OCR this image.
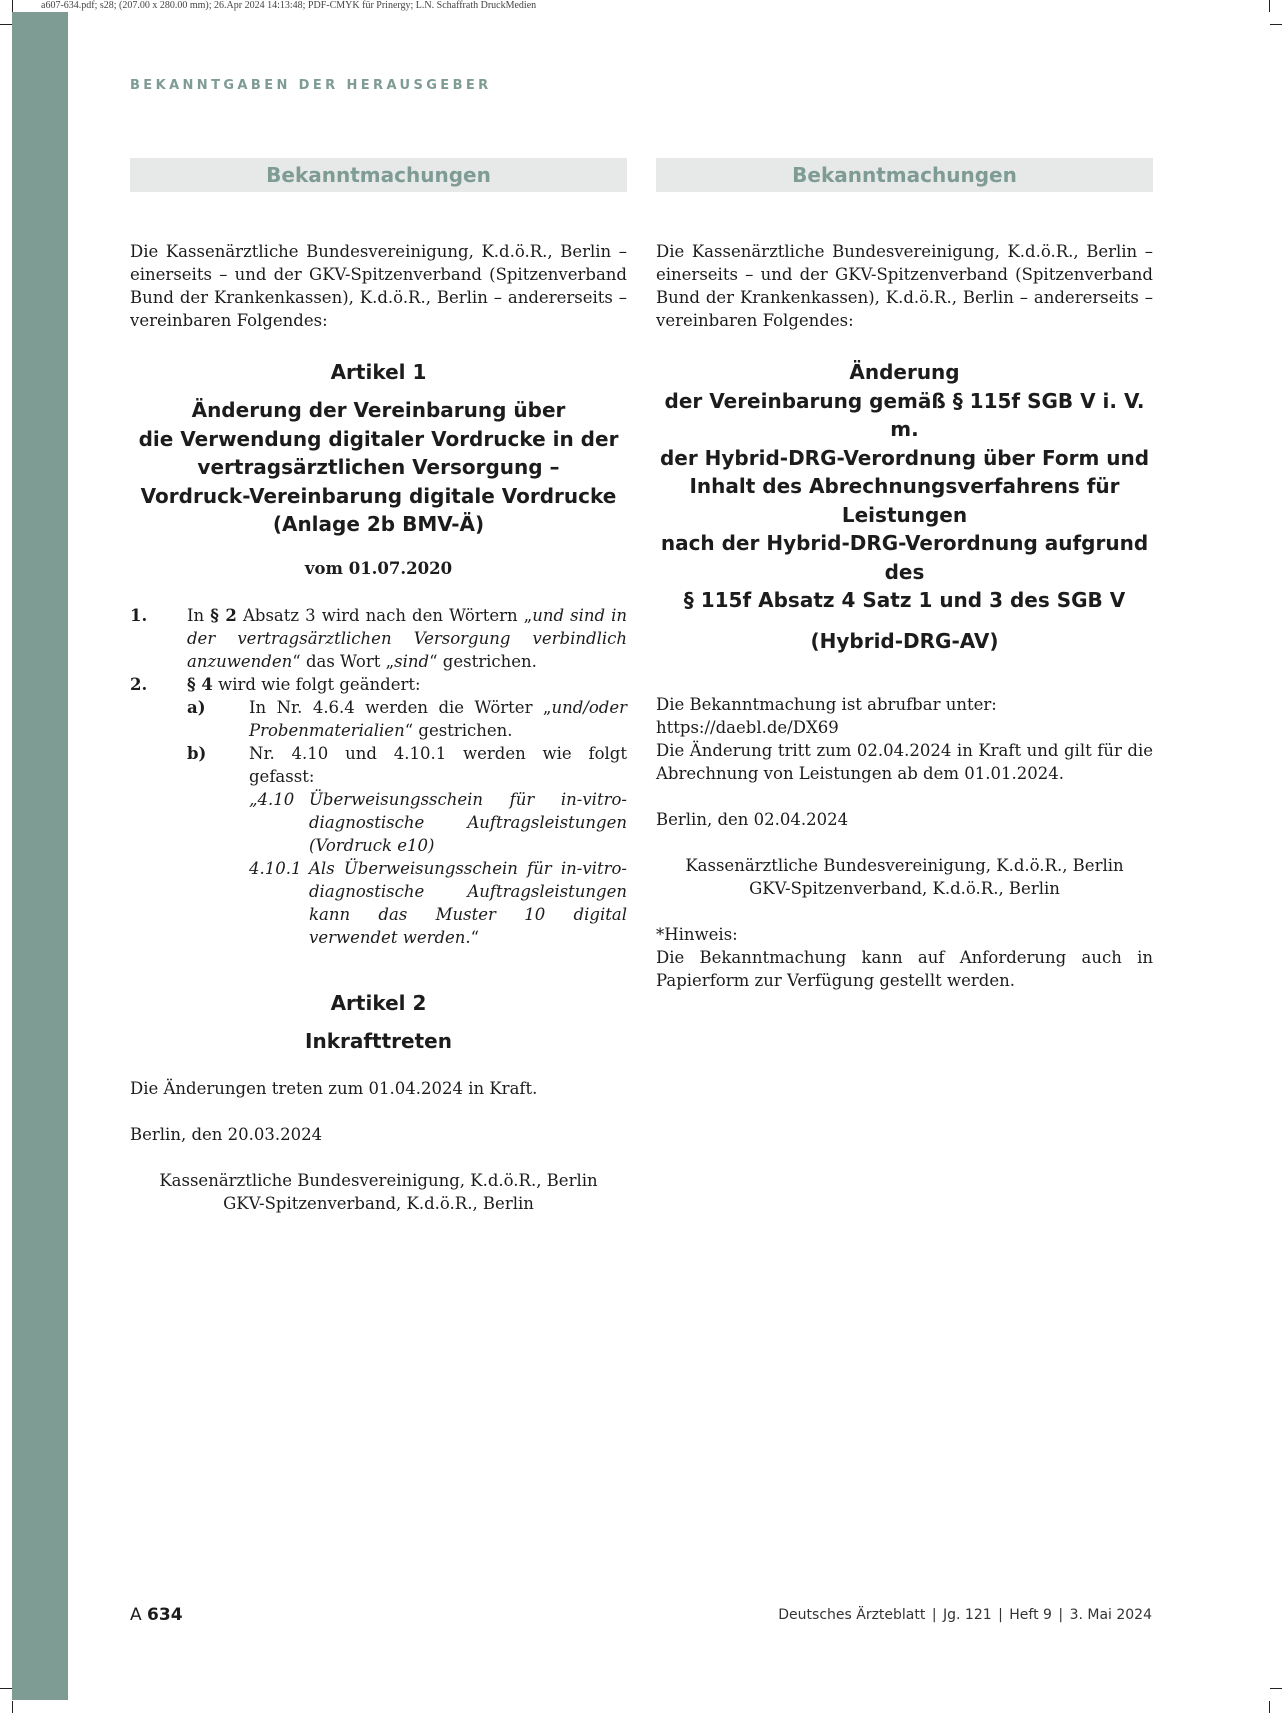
a607-634.pdf; s28; (207.00 x 280.00 mm); 26.Apr 2024 14:13:48; PDF-CMYK für Prinergy; L.N. Schaffrath DruckMedien
BEKANNTGABEN DER HERAUSGEBER
Bekanntmachungen

Die Kassenärztliche Bundesvereinigung, K.d.ö.R., Berlin – einerseits – und der GKV-Spitzenverband (Spitzenverband Bund der Krankenkassen), K.d.ö.R., Berlin – andererseits – vereinbaren Folgendes:

Artikel 1
Änderung der Vereinbarung über
die Verwendung digitaler Vordrucke in der
vertragsärztlichen Versorgung –
Vordruck-Vereinbarung digitale Vordrucke
(Anlage 2b BMV-Ä)
vom 01.07.2020
1.	In § 2 Absatz 3 wird nach den Wörtern „und sind in der vertragsärztlichen Versorgung verbindlich anzuwenden“ das Wort „sind“ gestrichen.
2.	§ 4 wird wie folgt geändert:
a)	In Nr. 4.6.4 werden die Wörter „und/oder Probenmaterialien“ gestrichen.
b)	Nr. 4.10 und 4.10.1 werden wie folgt gefasst:
„4.10 Überweisungsschein für in-vitro-diagnostische Auftragsleistungen (Vordruck e10)
4.10.1 Als Überweisungsschein für in-vitro-diagnostische Auftragsleistungen kann das Muster 10 digital verwendet werden.“
Artikel 2
Inkrafttreten

Die Änderungen treten zum 01.04.2024 in Kraft.

Berlin, den 20.03.2024

Kassenärztliche Bundesvereinigung, K.d.ö.R., Berlin

GKV-Spitzenverband, K.d.ö.R., Berlin

Bekanntmachungen

Die Kassenärztliche Bundesvereinigung, K.d.ö.R., Berlin – einerseits – und der GKV-Spitzenverband (Spitzenverband Bund der Krankenkassen), K.d.ö.R., Berlin – andererseits – vereinbaren Folgendes:

Änderung
der Vereinbarung gemäß § 115f SGB V i. V. m.
der Hybrid-DRG-Verordnung über Form und
Inhalt des Abrechnungsverfahrens für Leistungen
nach der Hybrid-DRG-Verordnung aufgrund des
§ 115f Absatz 4 Satz 1 und 3 des SGB V
(Hybrid-DRG-AV)

Die Bekanntmachung ist abrufbar unter:

https://daebl.de/DX69

Die Änderung tritt zum 02.04.2024 in Kraft und gilt für die Abrechnung von Leistungen ab dem 01.01.2024.

Berlin, den 02.04.2024

Kassenärztliche Bundesvereinigung, K.d.ö.R., Berlin

GKV-Spitzenverband, K.d.ö.R., Berlin

*Hinweis:

Die Bekanntmachung kann auf Anforderung auch in Papierform zur Verfügung gestellt werden.

A 634	Deutsches Ärzteblatt | Jg. 121 | Heft 9 | 3. Mai 2024
